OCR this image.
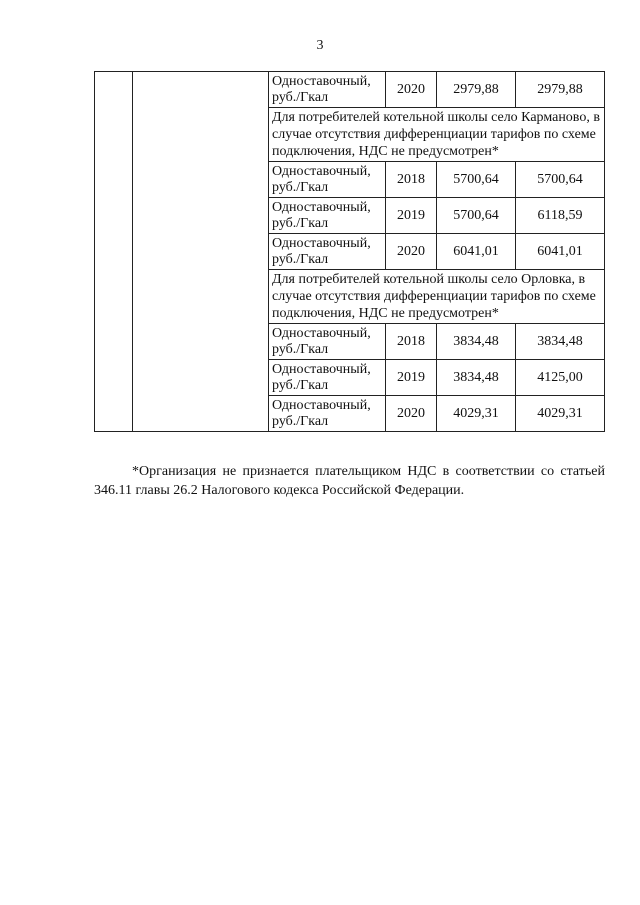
3
		Одноставочный, руб./Гкал	2020	2979,88	2979,88
		Для потребителей котельной школы село Карманово, в случае отсутствия дифференциации тарифов по схеме подключения, НДС не предусмотрен*			
		Одноставочный, руб./Гкал	2018	5700,64	5700,64
		Одноставочный, руб./Гкал	2019	5700,64	6118,59
		Одноставочный, руб./Гкал	2020	6041,01	6041,01
		Для потребителей котельной школы село Орловка, в случае отсутствия дифференциации тарифов по схеме подключения, НДС не предусмотрен*			
		Одноставочный, руб./Гкал	2018	3834,48	3834,48
		Одноставочный, руб./Гкал	2019	3834,48	4125,00
		Одноставочный, руб./Гкал	2020	4029,31	4029,31
*Организация не признается плательщиком НДС в соответствии со статьей 346.11 главы 26.2 Налогового кодекса Российской Федерации.
